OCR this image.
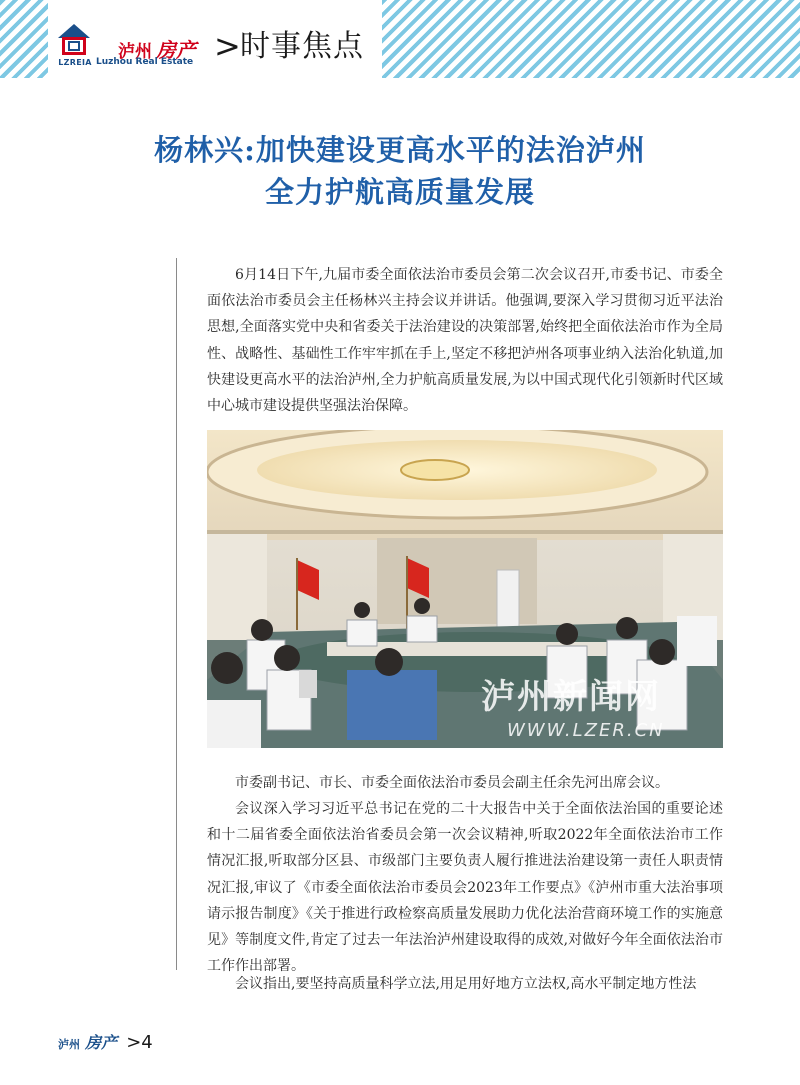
LZREIA
泸州 房产
Luzhou Real Estate > 时事焦点
杨林兴:加快建设更高水平的法治泸州
全力护航高质量发展

6月14日下午,九届市委全面依法治市委员会第二次会议召开,市委书记、市委全面依法治市委员会主任杨林兴主持会议并讲话。他强调,要深入学习贯彻习近平法治思想,全面落实党中央和省委关于法治建设的决策部署,始终把全面依法治市作为全局性、战略性、基础性工作牢牢抓在手上,坚定不移把泸州各项事业纳入法治化轨道,加快建设更高水平的法治泸州,全力护航高质量发展,为以中国式现代化引领新时代区域中心城市建设提供坚强法治保障。

泸州新闻网
WWW.LZER.CN

市委副书记、市长、市委全面依法治市委员会副主任余先河出席会议。

会议深入学习习近平总书记在党的二十大报告中关于全面依法治国的重要论述和十二届省委全面依法治省委员会第一次会议精神,听取2022年全面依法治市工作情况汇报,听取部分区县、市级部门主要负责人履行推进法治建设第一责任人职责情况汇报,审议了《市委全面依法治市委员会2023年工作要点》《泸州市重大法治事项请示报告制度》《关于推进行政检察高质量发展助力优化法治营商环境工作的实施意见》等制度文件,肯定了过去一年法治泸州建设取得的成效,对做好今年全面依法治市工作作出部署。

会议指出,要坚持高质量科学立法,用足用好地方立法权,高水平制定地方性法

泸州 房产 >4
